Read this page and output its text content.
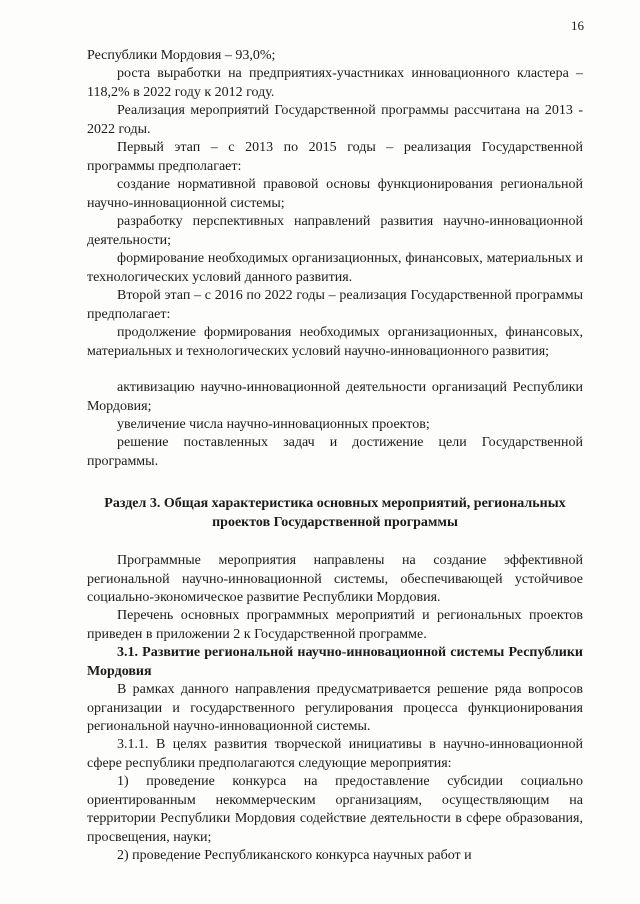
16

Республики Мордовия – 93,0%;

роста выработки на предприятиях-участниках инновационного кластера – 118,2% в 2022 году к 2012 году.

Реализация мероприятий Государственной программы рассчитана на 2013 - 2022 годы.

Первый этап – с 2013 по 2015 годы – реализация Государственной программы предполагает:

создание нормативной правовой основы функционирования региональной научно-инновационной системы;

разработку перспективных направлений развития научно-инновационной деятельности;

формирование необходимых организационных, финансовых, материальных и технологических условий данного развития.

Второй этап – с 2016 по 2022 годы – реализация Государственной программы предполагает:

продолжение формирования необходимых организационных, финансовых, материальных и технологических условий научно-инновационного развития;

активизацию научно-инновационной деятельности организаций Республики Мордовия;

увеличение числа научно-инновационных проектов;

решение поставленных задач и достижение цели Государственной программы.

Раздел 3. Общая характеристика основных мероприятий, региональных проектов Государственной программы

Программные мероприятия направлены на создание эффективной региональной научно-инновационной системы, обеспечивающей устойчивое социально-экономическое развитие Республики Мордовия.

Перечень основных программных мероприятий и региональных проектов приведен в приложении 2 к Государственной программе.

3.1. Развитие региональной научно-инновационной системы Республики Мордовия

В рамках данного направления предусматривается решение ряда вопросов организации и государственного регулирования процесса функционирования региональной научно-инновационной системы.

3.1.1. В целях развития творческой инициативы в научно-инновационной сфере республики предполагаются следующие мероприятия:

1) проведение конкурса на предоставление субсидии социально ориентированным некоммерческим организациям, осуществляющим на территории Республики Мордовия содействие деятельности в сфере образования, просвещения, науки;

2) проведение Республиканского конкурса научных работ и
